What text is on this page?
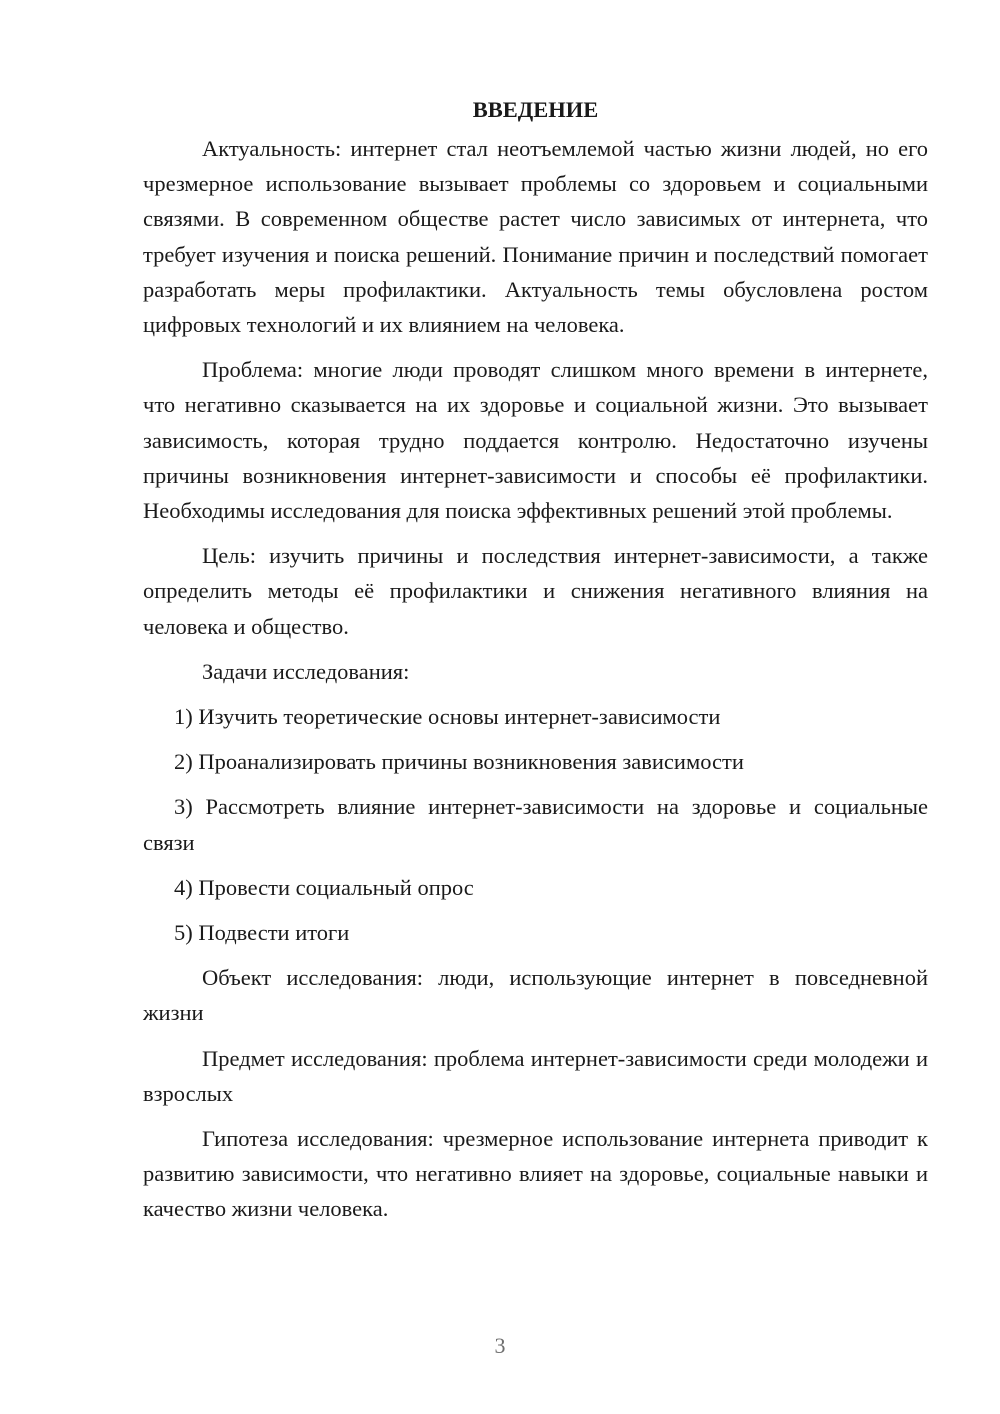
ВВЕДЕНИЕ

Актуальность: интернет стал неотъемлемой частью жизни людей, но его чрезмерное использование вызывает проблемы со здоровьем и социальными связями. В современном обществе растет число зависимых от интернета, что требует изучения и поиска решений. Понимание причин и последствий помогает разработать меры профилактики. Актуальность темы обусловлена ростом цифровых технологий и их влиянием на человека.

Проблема: многие люди проводят слишком много времени в интернете, что негативно сказывается на их здоровье и социальной жизни. Это вызывает зависимость, которая трудно поддается контролю. Недостаточно изучены причины возникновения интернет-зависимости и способы её профилактики. Необходимы исследования для поиска эффективных решений этой проблемы.

Цель: изучить причины и последствия интернет-зависимости, а также определить методы её профилактики и снижения негативного влияния на человека и общество.

Задачи исследования:

1) Изучить теоретические основы интернет-зависимости

2) Проанализировать причины возникновения зависимости

3) Рассмотреть влияние интернет-зависимости на здоровье и социальные связи

4) Провести социальный опрос

5) Подвести итоги

Объект исследования: люди, использующие интернет в повседневной жизни

Предмет исследования: проблема интернет-зависимости среди молодежи и взрослых

Гипотеза исследования: чрезмерное использование интернета приводит к развитию зависимости, что негативно влияет на здоровье, социальные навыки и качество жизни человека.

3
